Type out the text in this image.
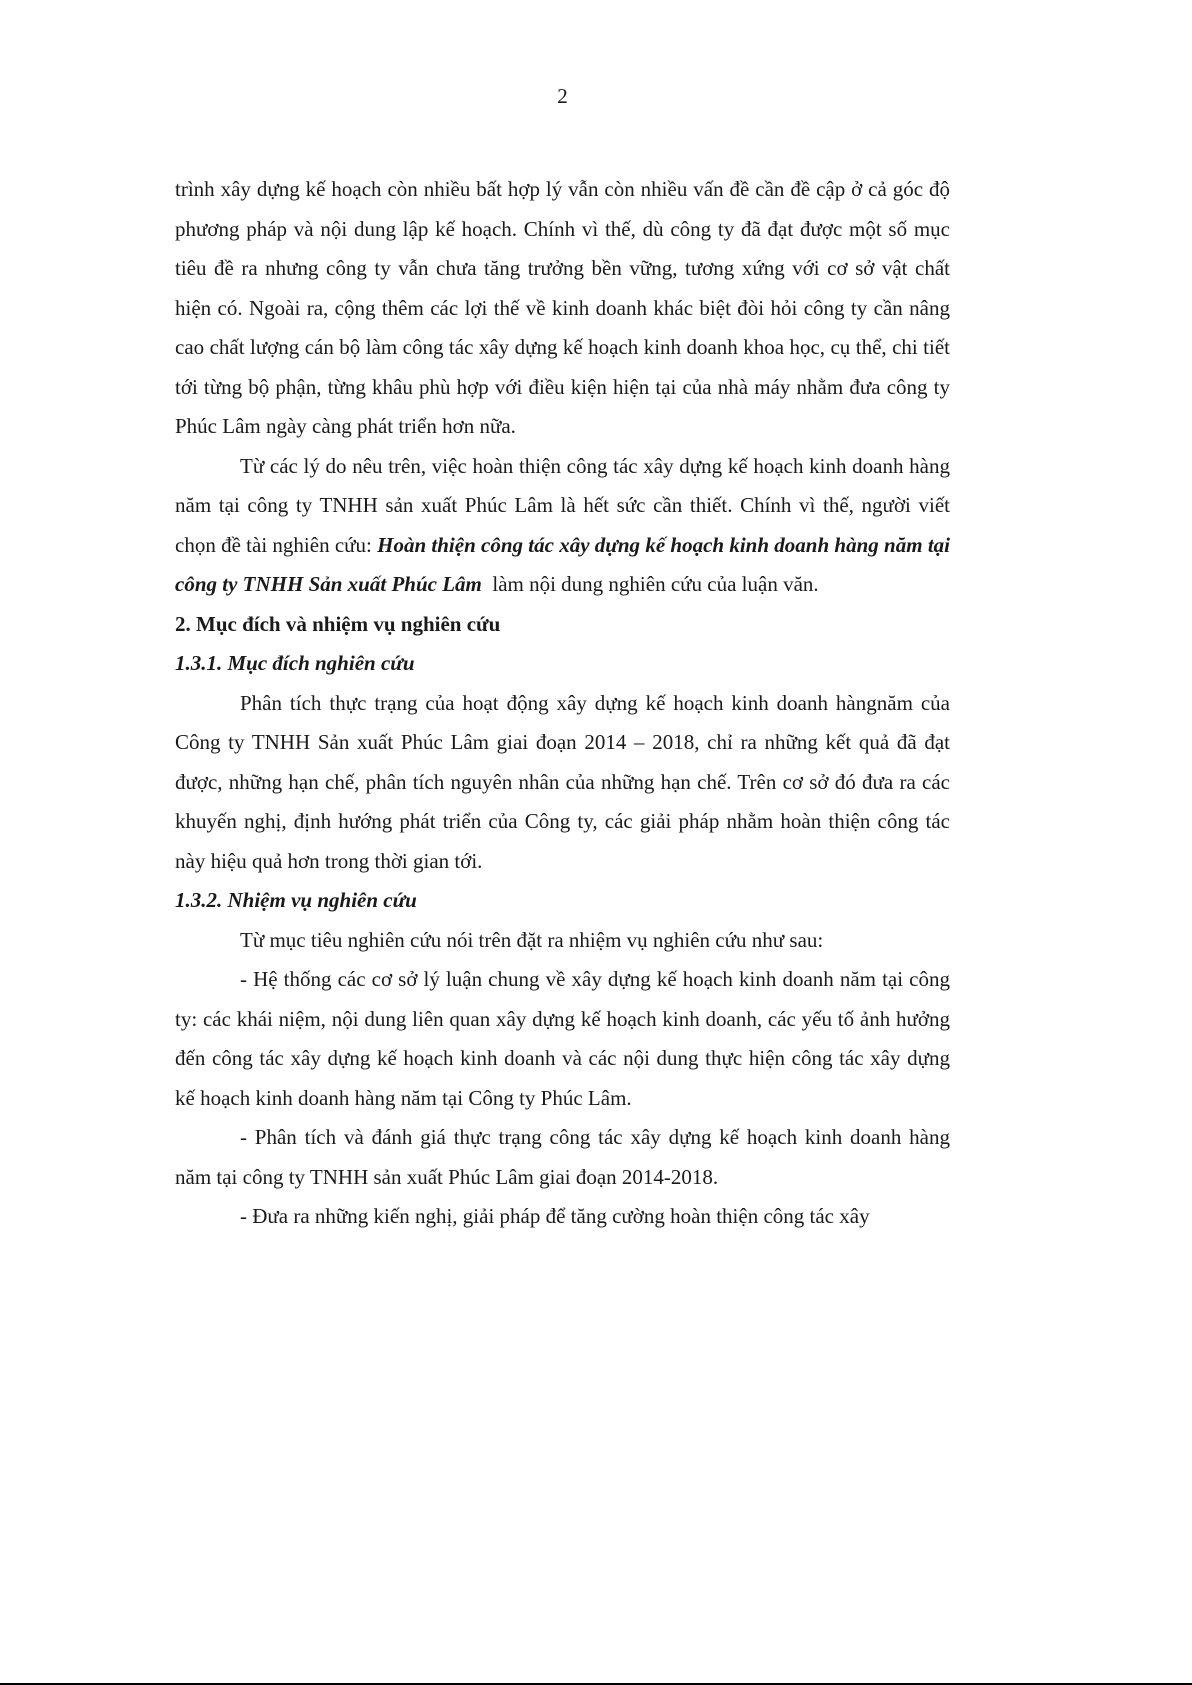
2

trình xây dựng kế hoạch còn nhiều bất hợp lý vẫn còn nhiều vấn đề cần đề cập ở cả góc độ phương pháp và nội dung lập kế hoạch. Chính vì thế, dù công ty đã đạt được một số mục tiêu đề ra nhưng công ty vẫn chưa tăng trưởng bền vững, tương xứng với cơ sở vật chất hiện có. Ngoài ra, cộng thêm các lợi thế về kinh doanh khác biệt đòi hỏi công ty cần nâng cao chất lượng cán bộ làm công tác xây dựng kế hoạch kinh doanh khoa học, cụ thể, chi tiết tới từng bộ phận, từng khâu phù hợp với điều kiện hiện tại của nhà máy nhằm đưa công ty Phúc Lâm ngày càng phát triển hơn nữa.

Từ các lý do nêu trên, việc hoàn thiện công tác xây dựng kế hoạch kinh doanh hàng năm tại công ty TNHH sản xuất Phúc Lâm là hết sức cần thiết. Chính vì thế, người viết chọn đề tài nghiên cứu: Hoàn thiện công tác xây dựng kế hoạch kinh doanh hàng năm tại công ty TNHH Sản xuất Phúc Lâm  làm nội dung nghiên cứu của luận văn.

2. Mục đích và nhiệm vụ nghiên cứu

1.3.1. Mục đích nghiên cứu

Phân tích thực trạng của hoạt động xây dựng kế hoạch kinh doanh hàngnăm của Công ty TNHH Sản xuất Phúc Lâm giai đoạn 2014 – 2018, chỉ ra những kết quả đã đạt được, những hạn chế, phân tích nguyên nhân của những hạn chế. Trên cơ sở đó đưa ra các khuyến nghị, định hướng phát triển của Công ty, các giải pháp nhằm hoàn thiện công tác này hiệu quả hơn trong thời gian tới.

1.3.2. Nhiệm vụ nghiên cứu

Từ mục tiêu nghiên cứu nói trên đặt ra nhiệm vụ nghiên cứu như sau:

- Hệ thống các cơ sở lý luận chung về xây dựng kế hoạch kinh doanh năm tại công ty: các khái niệm, nội dung liên quan xây dựng kế hoạch kinh doanh, các yếu tố ảnh hưởng đến công tác xây dựng kế hoạch kinh doanh và các nội dung thực hiện công tác xây dựng kế hoạch kinh doanh hàng năm tại Công ty Phúc Lâm.

- Phân tích và đánh giá thực trạng công tác xây dựng kế hoạch kinh doanh hàng năm tại công ty TNHH sản xuất Phúc Lâm giai đoạn 2014-2018.

- Đưa ra những kiến nghị, giải pháp để tăng cường hoàn thiện công tác xây
